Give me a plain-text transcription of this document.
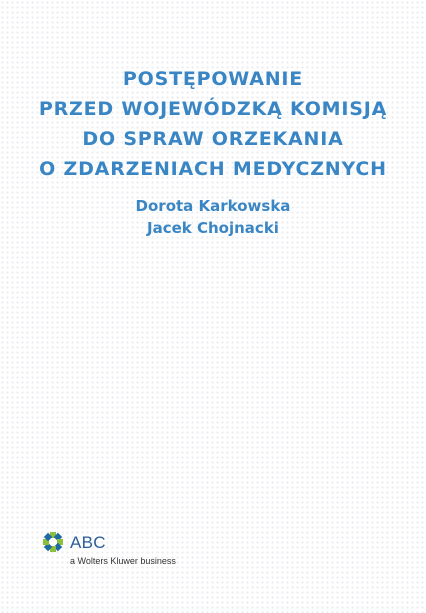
POSTĘPOWANIE
PRZED WOJEWÓDZKĄ KOMISJĄ
DO SPRAW ORZEKANIA
O ZDARZENIACH MEDYCZNYCH
Dorota Karkowska
Jacek Chojnacki
ABC
a Wolters Kluwer business
